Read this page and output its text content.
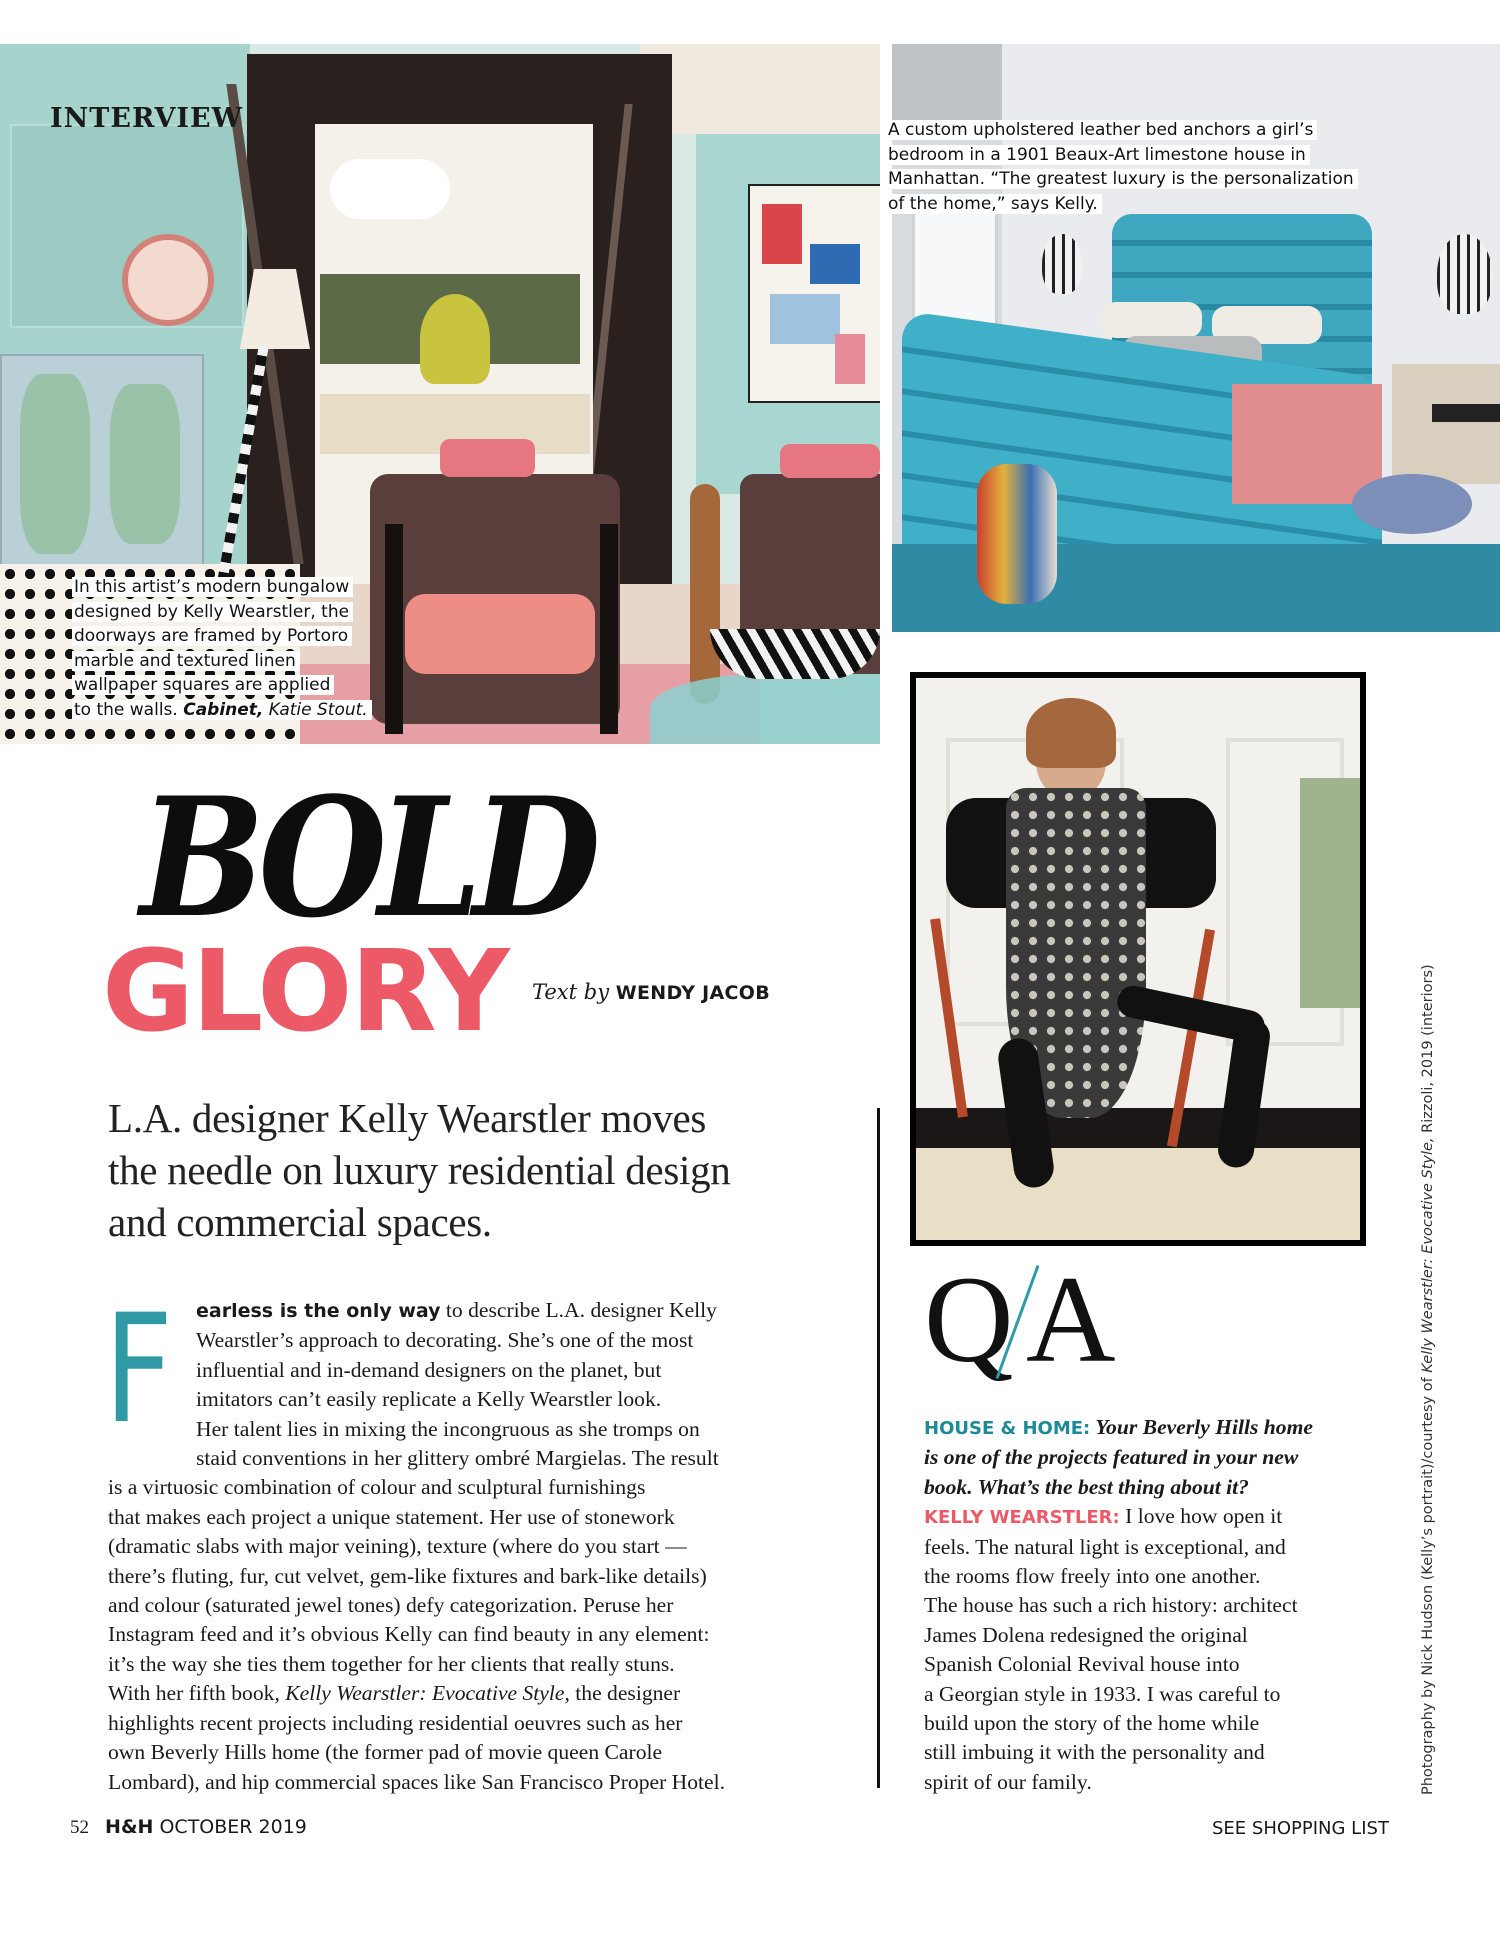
In this artist’s modern bungalow
designed by Kelly Wearstler, the
doorways are framed by Portoro
marble and textured linen
wallpaper squares are applied
to the walls. Cabinet, Katie Stout.
INTERVIEW	A custom upholstered leather bed anchors a girl’s
bedroom in a 1901 Beaux-Art limestone house in
Manhattan. “The greatest luxury is the personalization
of the home,” says Kelly.
BOLD
GLORY Text by WENDY JACOB
L.A. designer Kelly Wearstler moves
the needle on luxury residential design
and commercial spaces.
F	earless is the only way to describe L.A. designer Kelly
Wearstler’s approach to decorating. She’s one of the most
influential and in-demand designers on the planet, but
imitators can’t easily replicate a Kelly Wearstler look.
Her talent lies in mixing the incongruous as she tromps on
staid conventions in her glittery ombré Margielas. The result
is a virtuosic combination of colour and sculptural furnishings
that makes each project a unique statement. Her use of stonework
(dramatic slabs with major veining), texture (where do you start —
there’s fluting, fur, cut velvet, gem-like fixtures and bark-like details)
and colour (saturated jewel tones) defy categorization. Peruse her
Instagram feed and it’s obvious Kelly can find beauty in any element:
it’s the way she ties them together for her clients that really stuns.
With her fifth book, Kelly Wearstler: Evocative Style, the designer
highlights recent projects including residential oeuvres such as her
own Beverly Hills home (the former pad of movie queen Carole
Lombard), and hip commercial spaces like San Francisco Proper Hotel.
Q A
HOUSE & HOME: Your Beverly Hills home
is one of the projects featured in your new
book. What’s the best thing about it?
KELLY WEARSTLER: I love how open it
feels. The natural light is exceptional, and
the rooms flow freely into one another.
The house has such a rich history: architect
James Dolena redesigned the original
Spanish Colonial Revival house into
a Georgian style in 1933. I was careful to
build upon the story of the home while
still imbuing it with the personality and
spirit of our family.
52 H&H OCTOBER 2019	SEE SHOPPING LIST
Photography by Nick Hudson (Kelly’s portrait)/courtesy of Kelly Wearstler: Evocative Style, Rizzoli, 2019 (interiors)
